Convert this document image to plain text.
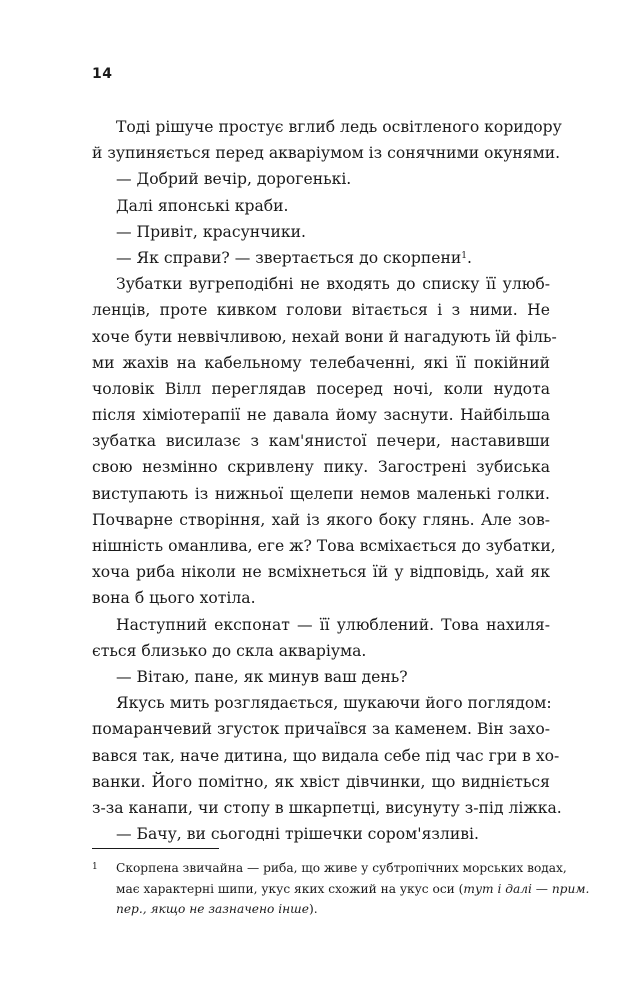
14
Тоді рішуче простує вглиб ледь освітленого коридору
й зупиняється перед акваріумом із сонячними окунями.
— Добрий вечір, дорогенькі.
Далі японські краби.
— Привіт, красунчики.
— Як справи? — звертається до скорпени$^1$.
Зубатки вугреподібні не входять до списку її улюб-
ленців, проте кивком голови вітається і з ними. Не
хоче бути неввічливою, нехай вони й нагадують їй філь-
ми жахів на кабельному телебаченні, які її покійний
чоловік Вілл переглядав посеред ночі, коли нудота
після хіміотерапії не давала йому заснути. Найбільша
зубатка висилазє з кам'янистої печери, наставивши
свою незмінно скривлену пику. Загострені зубиська
виступають із нижньої щелепи немов маленькі голки.
Почварне створіння, хай із якого боку глянь. Але зов-
нішність оманлива, еге ж? Това всміхається до зубатки,
хоча риба ніколи не всміхнеться їй у відповідь, хай як
вона б цього хотіла.
Наступний експонат — її улюблений. Това нахиля-
ється близько до скла акваріума.
— Вітаю, пане, як минув ваш день?
Якусь мить розглядається, шукаючи його поглядом:
помаранчевий згусток причаївся за каменем. Він захо-
вався так, наче дитина, що видала себе під час гри в хо-
ванки. Його помітно, як хвіст дівчинки, що видніється
з-за канапи, чи стопу в шкарпетці, висунуту з-під ліжка.
— Бачу, ви сьогодні трішечки сором'язливі.
1	Скорпена звичайна — риба, що живе у субтропічних морських водах,
має характерні шипи, укус яких схожий на укус оси (тут і далі — прим.
пер., якщо не зазначено інше).
